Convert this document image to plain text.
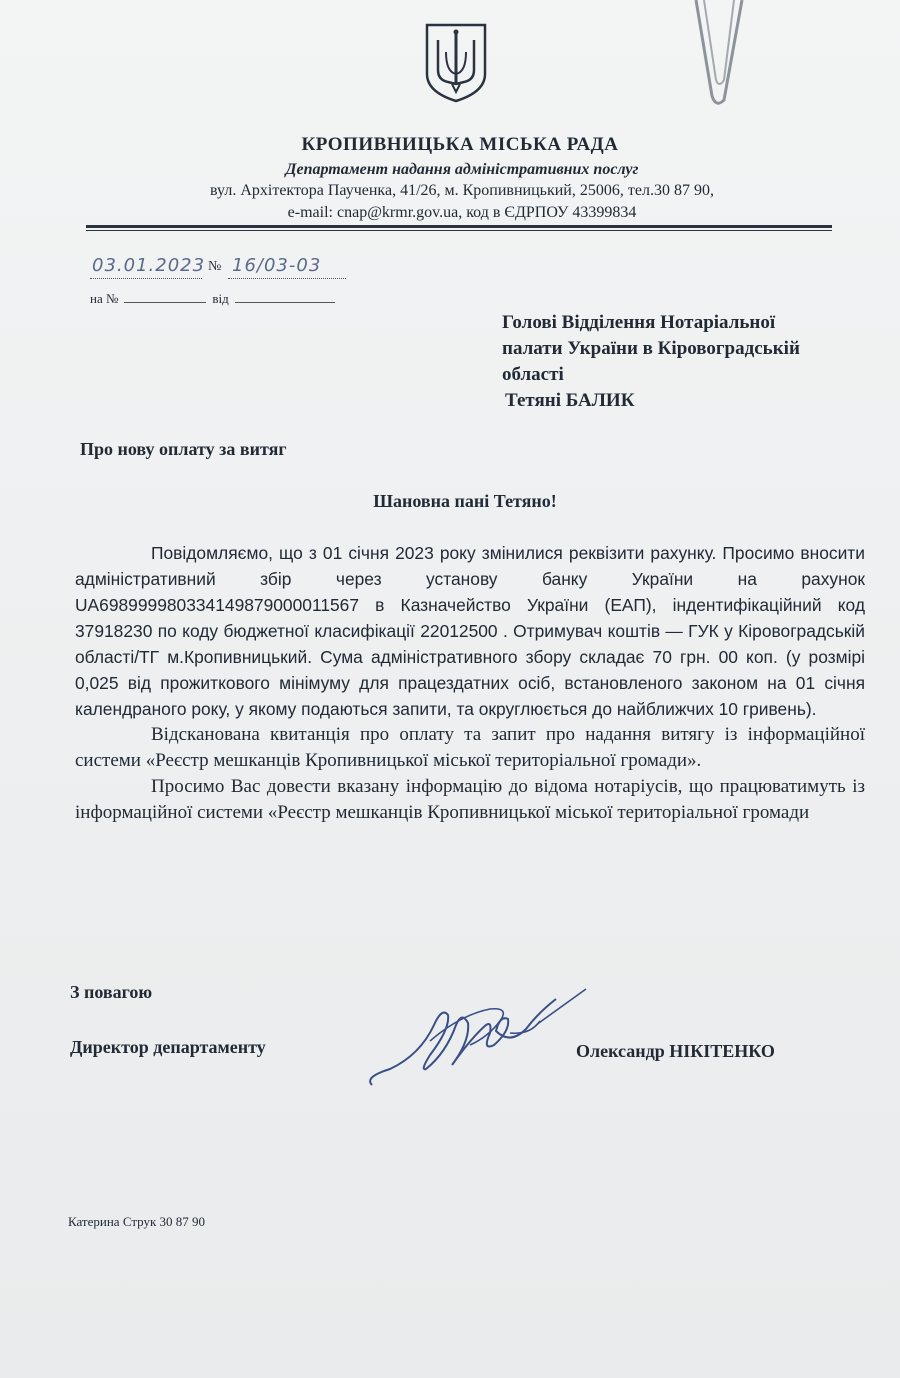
КРОПИВНИЦЬКА МІСЬКА РАДА
Департамент надання адміністративних послуг
вул. Архітектора Паученка, 41/26, м. Кропивницький, 25006, тел.30 87 90,
e-mail: cnap@krmr.gov.ua, код в ЄДРПОУ 43399834
03.01.2023 № 16/03-03
на №	від
Голові Відділення Нотаріальної
палати України в Кіровоградській
області

Тетяні БАЛИК
Про нову оплату за витяг
Шановна пані Тетяно!

Повідомляємо, що з 01 січня 2023 року змінилися реквізити рахунку. Просимо вносити адміністративний збір через установу банку України на рахунок UA698999980334149879000011567 в Казначейство України (ЕАП), індентифікаційний код 37918230 по коду бюджетної класифікації 22012500 . Отримувач коштів — ГУК у Кіровоградській області/ТГ м.Кропивницький. Сума адміністративного збору складає 70 грн. 00 коп. (у розмірі 0,025 від прожиткового мінімуму для працездатних осіб, встановленого законом на 01 січня календраного року, у якому подаються запити, та округлюється до найближчих 10 гривень).

Відсканована квитанція про оплату та запит про надання витягу із інформаційної системи «Реєстр мешканців Кропивницької міської територіальної громади».

Просимо Вас довести вказану інформацію до відома нотаріусів, що працюватимуть із інформаційної системи «Реєстр мешканців Кропивницької міської територіальної громади

З повагою
Директор департаменту	Олександр НІКІТЕНКО
Катерина Струк 30 87 90
